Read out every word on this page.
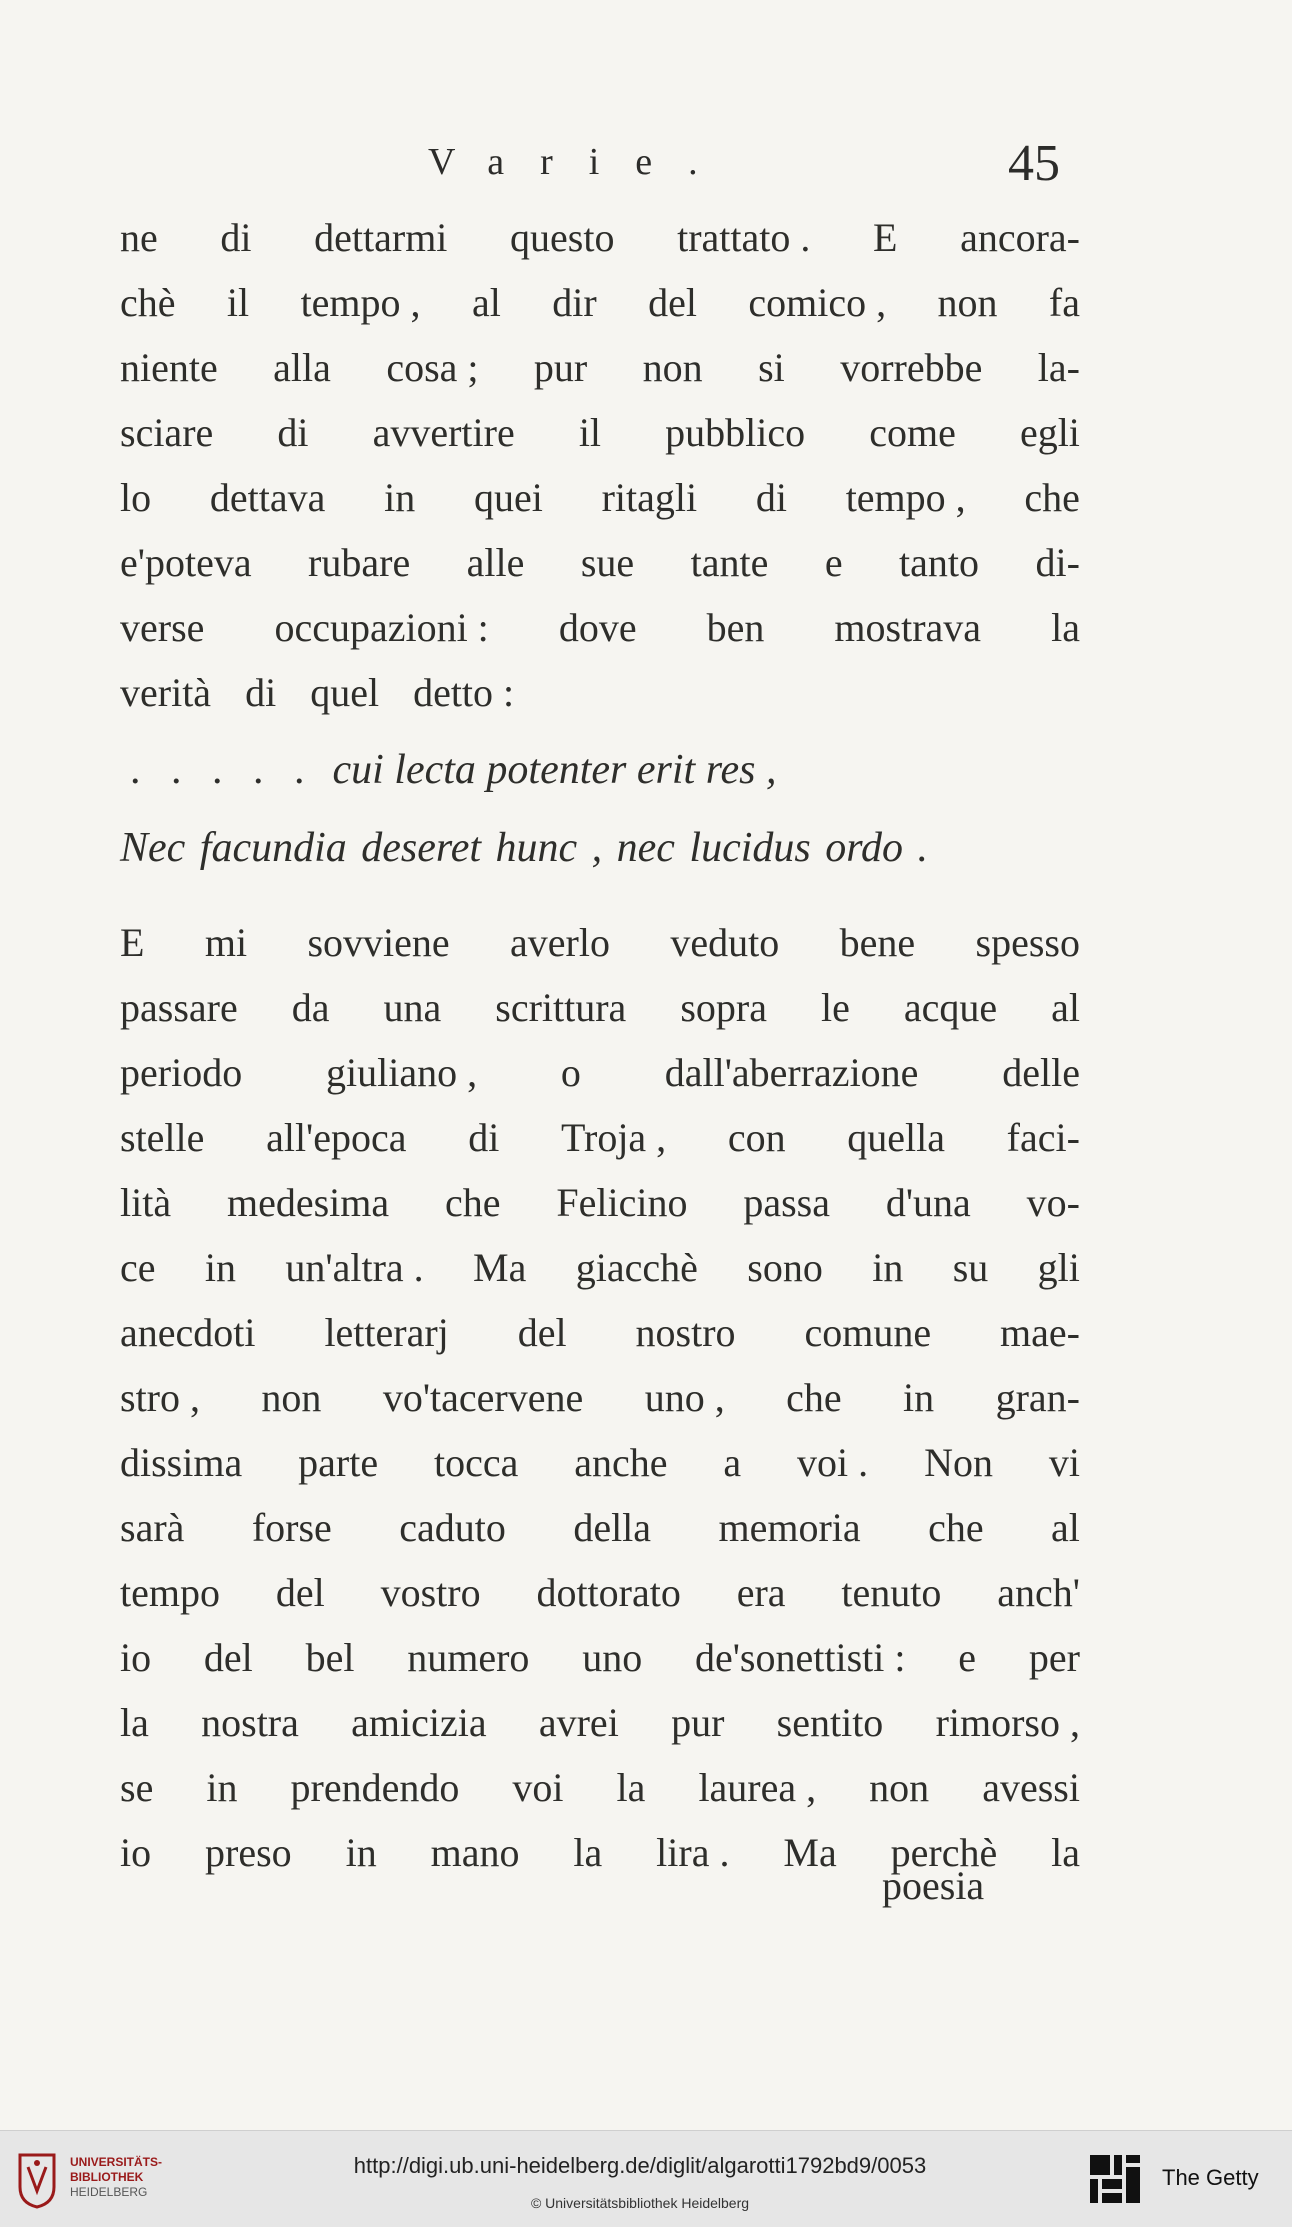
Varie.	45
ne di dettarmi questo trattato . E ancora-
chè il tempo , al dir del comico , non fa
niente alla cosa ; pur non si vorrebbe la-
sciare di avvertire il pubblico come egli
lo dettava in quei ritagli di tempo , che
e'poteva rubare alle sue tante e tanto di-
verse occupazioni : dove ben mostrava la
verità di quel detto :
. . . . . cui lecta potenter erit res ,
Nec facundia deseret hunc , nec lucidus ordo .
E mi sovviene averlo veduto bene spesso
passare da una scrittura sopra le acque al
periodo giuliano , o dall'aberrazione delle
stelle all'epoca di Troja , con quella faci-
lità medesima che Felicino passa d'una vo-
ce in un'altra . Ma giacchè sono in su gli
anecdoti letterarj del nostro comune mae-
stro , non vo'tacervene uno , che in gran-
dissima parte tocca anche a voi . Non vi
sarà forse caduto della memoria che al
tempo del vostro dottorato era tenuto anch'
io del bel numero uno de'sonettisti : e per
la nostra amicizia avrei pur sentito rimorso ,
se in prendendo voi la laurea , non avessi
io preso in mano la lira . Ma perchè la
poesia
UNIVERSITÄTS-
BIBLIOTHEK
HEIDELBERG
http://digi.ub.uni-heidelberg.de/diglit/algarotti1792bd9/0053
© Universitätsbibliothek Heidelberg
The Getty
